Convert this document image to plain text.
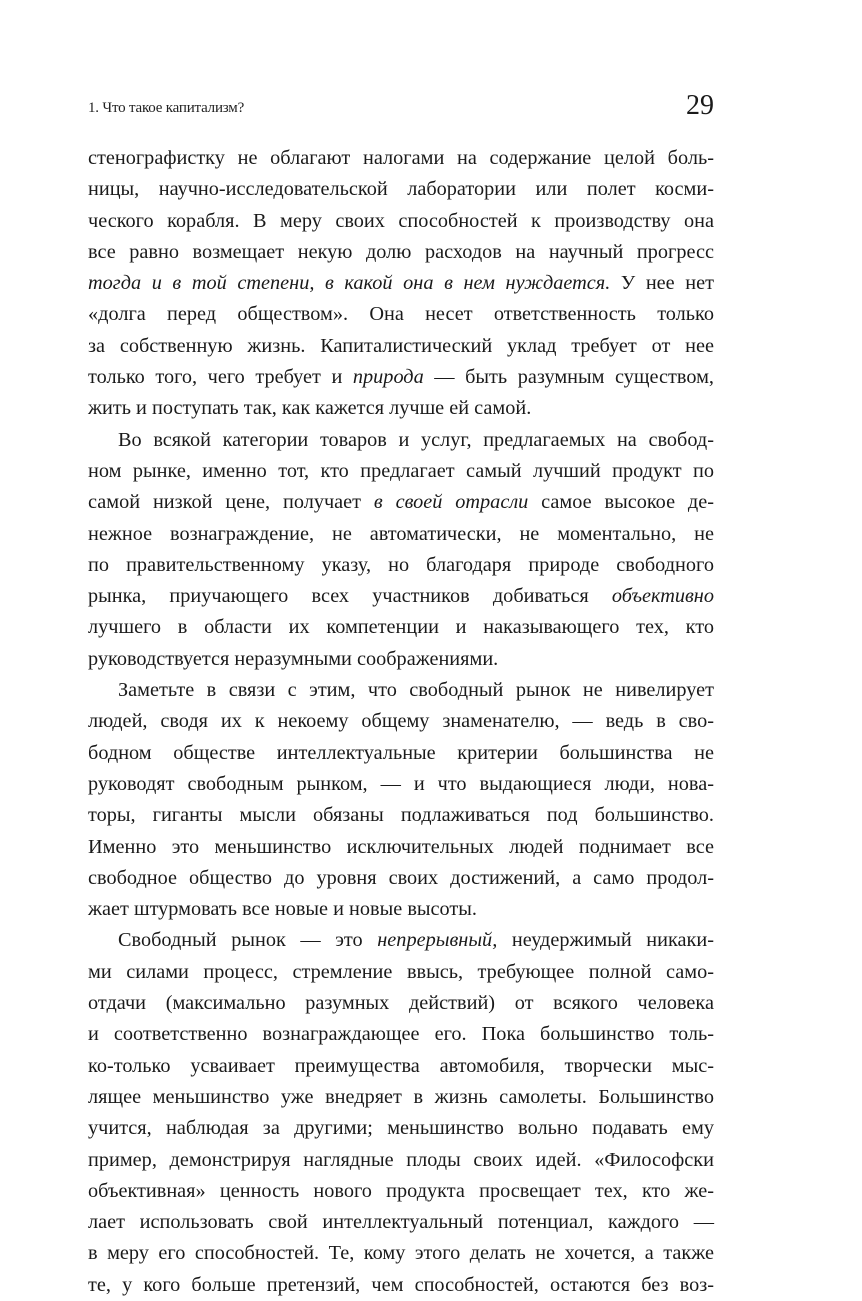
1. Что такое капитализм?	29
стенографистку не облагают налогами на содержание целой боль-
ницы, научно-исследовательской лаборатории или полет косми-
ческого корабля. В меру своих способностей к производству она
все равно возмещает некую долю расходов на научный прогресс
тогда и в той степени, в какой она в нем нуждается. У нее нет
«долга перед обществом». Она несет ответственность только
за собственную жизнь. Капиталистический уклад требует от нее
только того, чего требует и природа — быть разумным существом,
жить и поступать так, как кажется лучше ей самой.
Во всякой категории товаров и услуг, предлагаемых на свобод-
ном рынке, именно тот, кто предлагает самый лучший продукт по
самой низкой цене, получает в своей отрасли самое высокое де-
нежное вознаграждение, не автоматически, не моментально, не
по правительственному указу, но благодаря природе свободного
рынка, приучающего всех участников добиваться объективно
лучшего в области их компетенции и наказывающего тех, кто
руководствуется неразумными соображениями.
Заметьте в связи с этим, что свободный рынок не нивелирует
людей, сводя их к некоему общему знаменателю, — ведь в сво-
бодном обществе интеллектуальные критерии большинства не
руководят свободным рынком, — и что выдающиеся люди, нова-
торы, гиганты мысли обязаны подлаживаться под большинство.
Именно это меньшинство исключительных людей поднимает все
свободное общество до уровня своих достижений, а само продол-
жает штурмовать все новые и новые высоты.
Свободный рынок — это непрерывный, неудержимый никаки-
ми силами процесс, стремление ввысь, требующее полной само-
отдачи (максимально разумных действий) от всякого человека
и соответственно вознаграждающее его. Пока большинство толь-
ко-только усваивает преимущества автомобиля, творчески мыс-
лящее меньшинство уже внедряет в жизнь самолеты. Большинство
учится, наблюдая за другими; меньшинство вольно подавать ему
пример, демонстрируя наглядные плоды своих идей. «Философски
объективная» ценность нового продукта просвещает тех, кто же-
лает использовать свой интеллектуальный потенциал, каждого —
в меру его способностей. Те, кому этого делать не хочется, а также
те, у кого больше претензий, чем способностей, остаются без воз-
